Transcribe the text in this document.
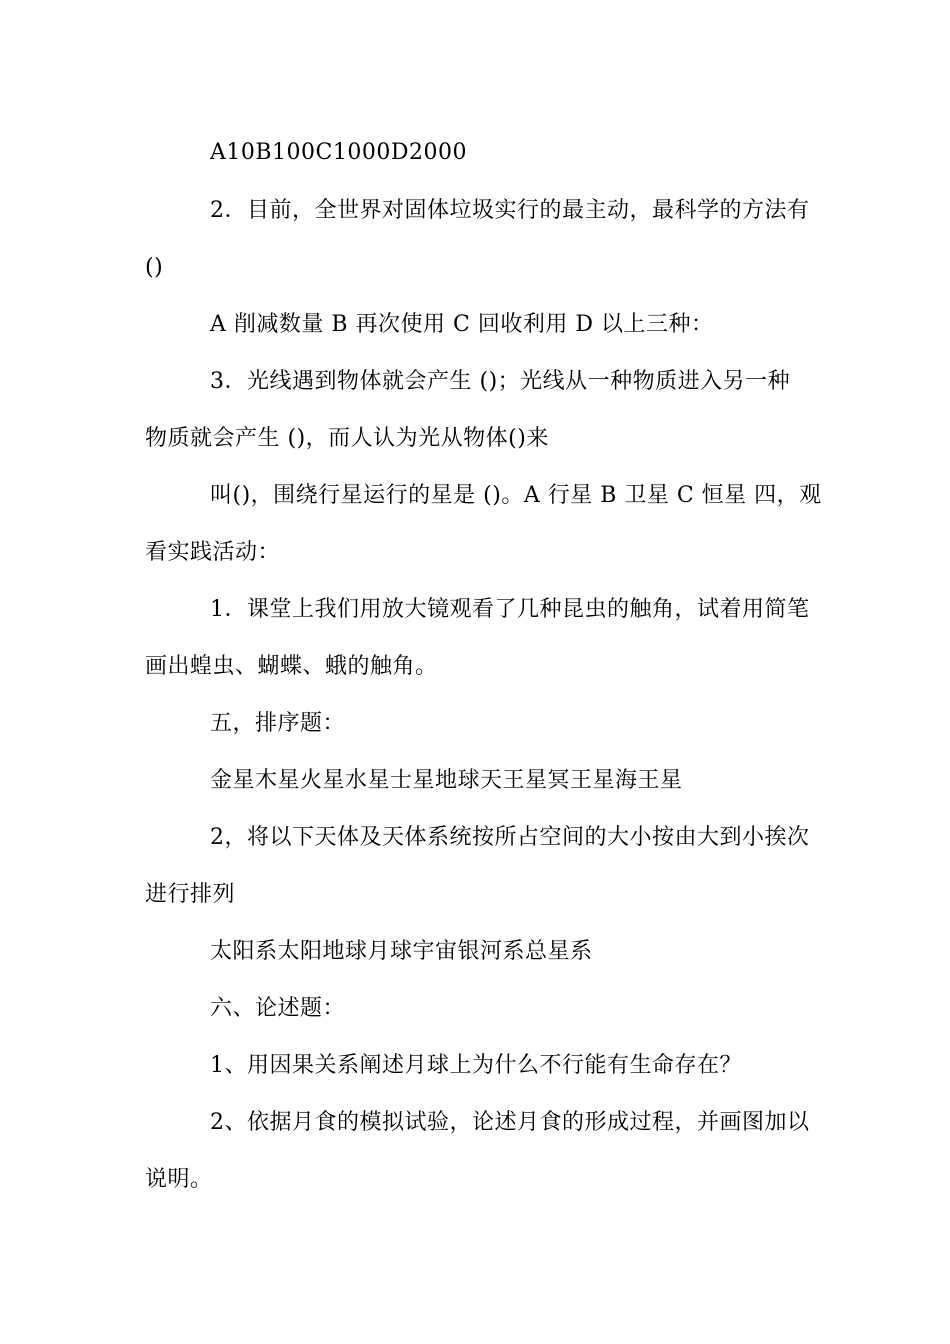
A10B100C1000D2000
2．目前，全世界对固体垃圾实行的最主动，最科学的方法有
()
A 削减数量 B 再次使用 C 回收利用 D 以上三种：
3．光线遇到物体就会产生 ()；光线从一种物质进入另一种
物质就会产生 ()，而人认为光从物体()来
叫()，围绕行星运行的星是 ()。A 行星 B 卫星 C 恒星 四，观
看实践活动：
1．课堂上我们用放大镜观看了几种昆虫的触角，试着用简笔
画出蝗虫、蝴蝶、蛾的触角。
五，排序题：
金星木星火星水星士星地球天王星冥王星海王星
2，将以下天体及天体系统按所占空间的大小按由大到小挨次
进行排列
太阳系太阳地球月球宇宙银河系总星系
六、论述题：
1、用因果关系阐述月球上为什么不行能有生命存在？
2、依据月食的模拟试验，论述月食的形成过程，并画图加以
说明。
